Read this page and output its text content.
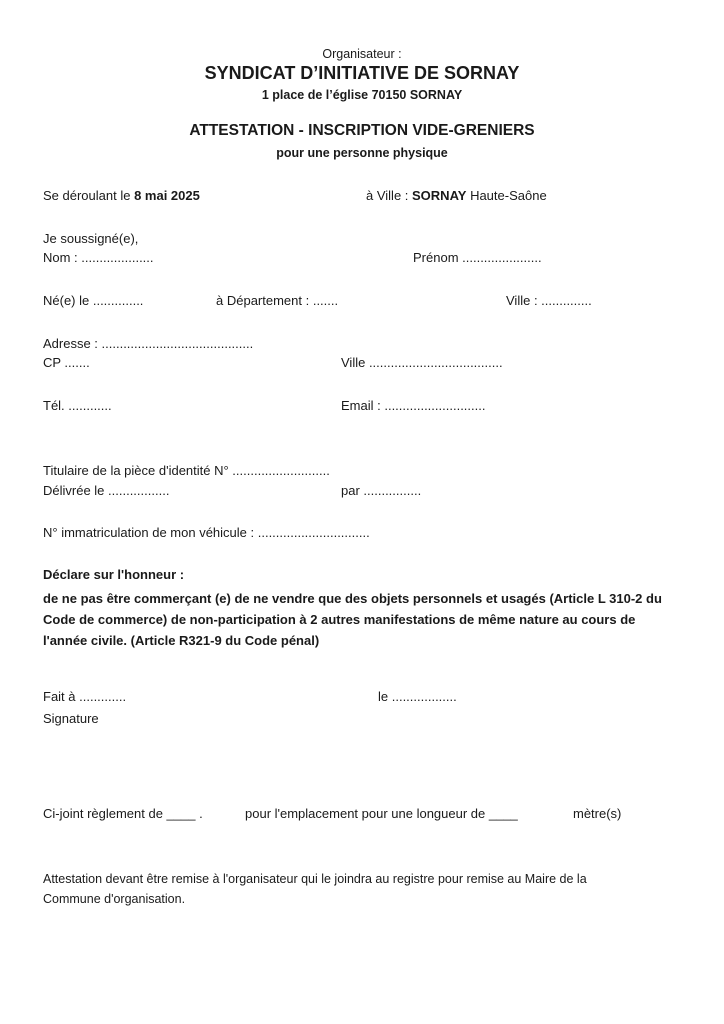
Organisateur :
SYNDICAT D’INITIATIVE DE SORNAY
1 place de l’église 70150 SORNAY
ATTESTATION - INSCRIPTION VIDE-GRENIERS
pour une personne physique
Se déroulant le 8 mai 2025	à Ville : SORNAY Haute-Saône
Je soussigné(e),
Nom : ....................	Prénom ......................
Né(e) le ..............	à Département : .......	Ville : ..............
Adresse : ..........................................
CP .......	Ville .....................................
Tél. ............	Email : ............................
Titulaire de la pièce d'identité N° ...........................
Délivrée le .................	par ................
N° immatriculation de mon véhicule : ...............................
Déclare sur l'honneur :
de ne pas être commerçant (e) de ne vendre que des objets personnels et usagés (Article L 310-2 du Code de commerce) de non-participation à 2 autres manifestations de même nature au cours de l'année civile. (Article R321-9 du Code pénal)
Fait à .............	le ..................
Signature
Ci-joint règlement de ____ .	pour l'emplacement pour une longueur de ____	mètre(s)
Attestation devant être remise à l'organisateur qui le joindra au registre pour remise au Maire de la Commune d'organisation.
